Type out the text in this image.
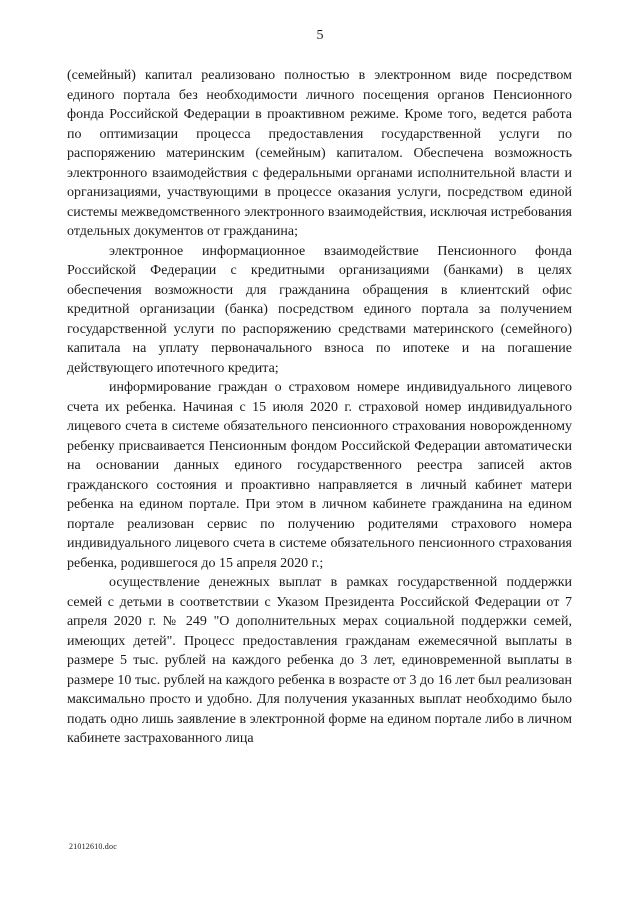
5

(семейный) капитал реализовано полностью в электронном виде посредством единого портала без необходимости личного посещения органов Пенсионного фонда Российской Федерации в проактивном режиме. Кроме того, ведется работа по оптимизации процесса предоставления государственной услуги по распоряжению материнским (семейным) капиталом. Обеспечена возможность электронного взаимодействия с федеральными органами исполнительной власти и организациями, участвующими в процессе оказания услуги, посредством единой системы межведомственного электронного взаимодействия, исключая истребования отдельных документов от гражданина;

электронное информационное взаимодействие Пенсионного фонда Российской Федерации с кредитными организациями (банками) в целях обеспечения возможности для гражданина обращения в клиентский офис кредитной организации (банка) посредством единого портала за получением государственной услуги по распоряжению средствами материнского (семейного) капитала на уплату первоначального взноса по ипотеке и на погашение действующего ипотечного кредита;

информирование граждан о страховом номере индивидуального лицевого счета их ребенка. Начиная с 15 июля 2020 г. страховой номер индивидуального лицевого счета в системе обязательного пенсионного страхования новорожденному ребенку присваивается Пенсионным фондом Российской Федерации автоматически на основании данных единого государственного реестра записей актов гражданского состояния и проактивно направляется в личный кабинет матери ребенка на едином портале. При этом в личном кабинете гражданина на едином портале реализован сервис по получению родителями страхового номера индивидуального лицевого счета в системе обязательного пенсионного страхования ребенка, родившегося до 15 апреля 2020 г.;

осуществление денежных выплат в рамках государственной поддержки семей с детьми в соответствии с Указом Президента Российской Федерации от 7 апреля 2020 г. № 249 "О дополнительных мерах социальной поддержки семей, имеющих детей". Процесс предоставления гражданам ежемесячной выплаты в размере 5 тыс. рублей на каждого ребенка до 3 лет, единовременной выплаты в размере 10 тыс. рублей на каждого ребенка в возрасте от 3 до 16 лет был реализован максимально просто и удобно. Для получения указанных выплат необходимо было подать одно лишь заявление в электронной форме на едином портале либо в личном кабинете застрахованного лица

21012610.doc
